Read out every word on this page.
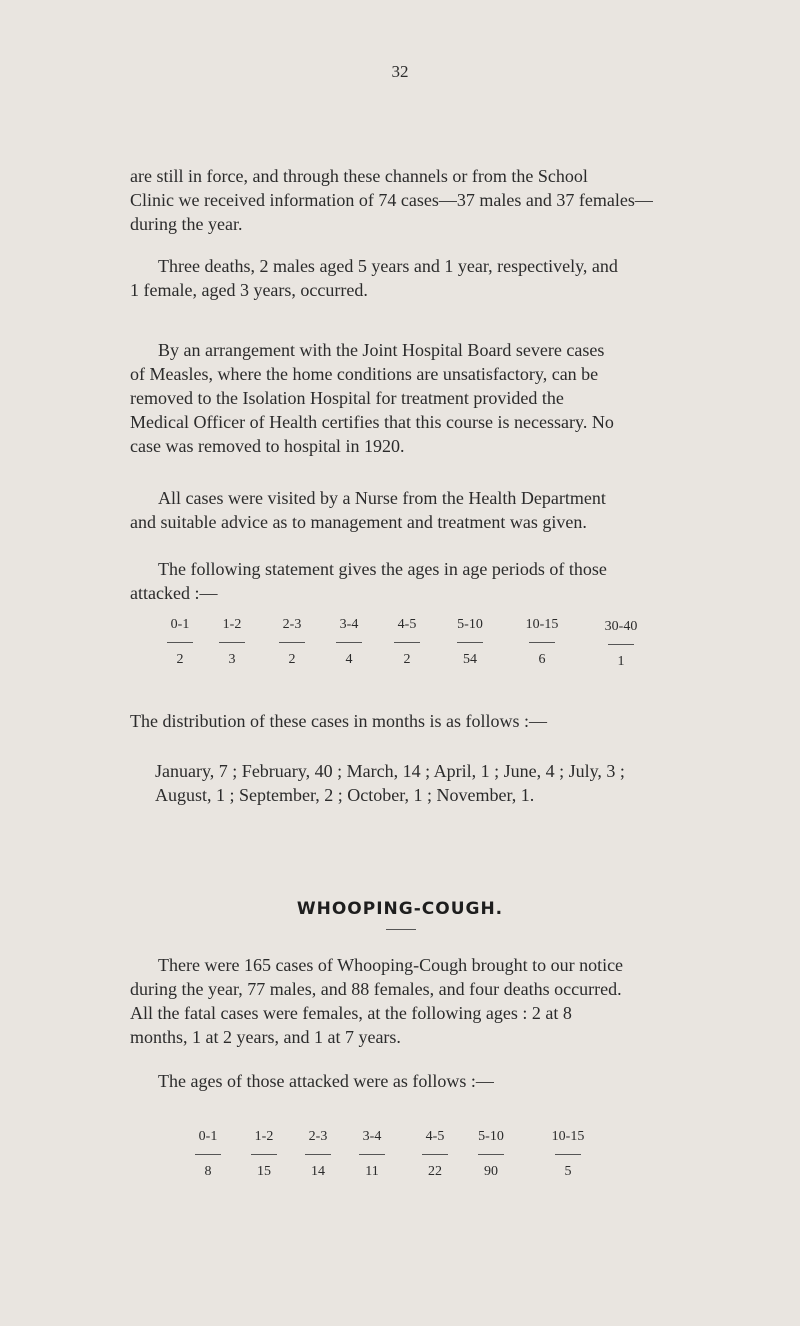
32
are still in force, and through these channels or from the School
Clinic we received information of 74 cases—37 males and 37 females—
during the year.
Three deaths, 2 males aged 5 years and 1 year, respectively, and
1 female, aged 3 years, occurred.
By an arrangement with the Joint Hospital Board severe cases
of Measles, where the home conditions are unsatisfactory, can be
removed to the Isolation Hospital for treatment provided the
Medical Officer of Health certifies that this course is necessary. No
case was removed to hospital in 1920.
All cases were visited by a Nurse from the Health Department
and suitable advice as to management and treatment was given.
The following statement gives the ages in age periods of those
attacked :—
0-1
2
1-2
3
2-3
2
3-4
4
4-5
2
5-10
54
10-15
6
30-40
1
The distribution of these cases in months is as follows :—
January, 7 ; February, 40 ; March, 14 ; April, 1 ; June, 4 ; July, 3 ;
August, 1 ; September, 2 ; October, 1 ; November, 1.
WHOOPING-COUGH.
There were 165 cases of Whooping-Cough brought to our notice
during the year, 77 males, and 88 females, and four deaths occurred.
All the fatal cases were females, at the following ages : 2 at 8
months, 1 at 2 years, and 1 at 7 years.
The ages of those attacked were as follows :—
0-1
8
1-2
15
2-3
14
3-4
11
4-5
22
5-10
90
10-15
5
